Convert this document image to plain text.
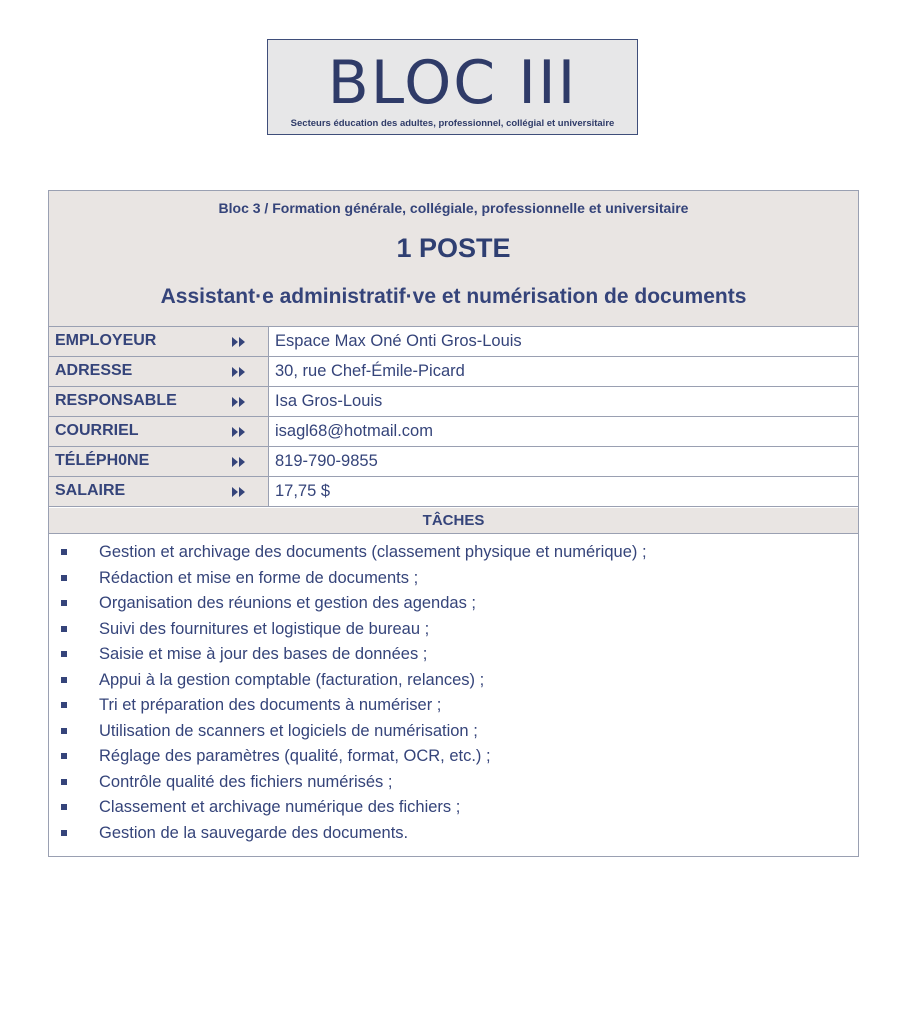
BLOC III
Secteurs éducation des adultes, professionnel, collégial et universitaire
Bloc 3 / Formation générale, collégiale, professionnelle et universitaire
1 POSTE
Assistant·e administratif·ve et numérisation de documents
EMPLOYEUR	Espace Max Oné Onti Gros-Louis
ADRESSE	30, rue Chef-Émile-Picard
RESPONSABLE	Isa Gros-Louis
COURRIEL	isagl68@hotmail.com
TÉLÉPH0NE	819-790-9855
SALAIRE	17,75 $
TÂCHES
Gestion et archivage des documents (classement physique et numérique) ;
Rédaction et mise en forme de documents ;
Organisation des réunions et gestion des agendas ;
Suivi des fournitures et logistique de bureau ;
Saisie et mise à jour des bases de données ;
Appui à la gestion comptable (facturation, relances) ;
Tri et préparation des documents à numériser ;
Utilisation de scanners et logiciels de numérisation ;
Réglage des paramètres (qualité, format, OCR, etc.) ;
Contrôle qualité des fichiers numérisés ;
Classement et archivage numérique des fichiers ;
Gestion de la sauvegarde des documents.
